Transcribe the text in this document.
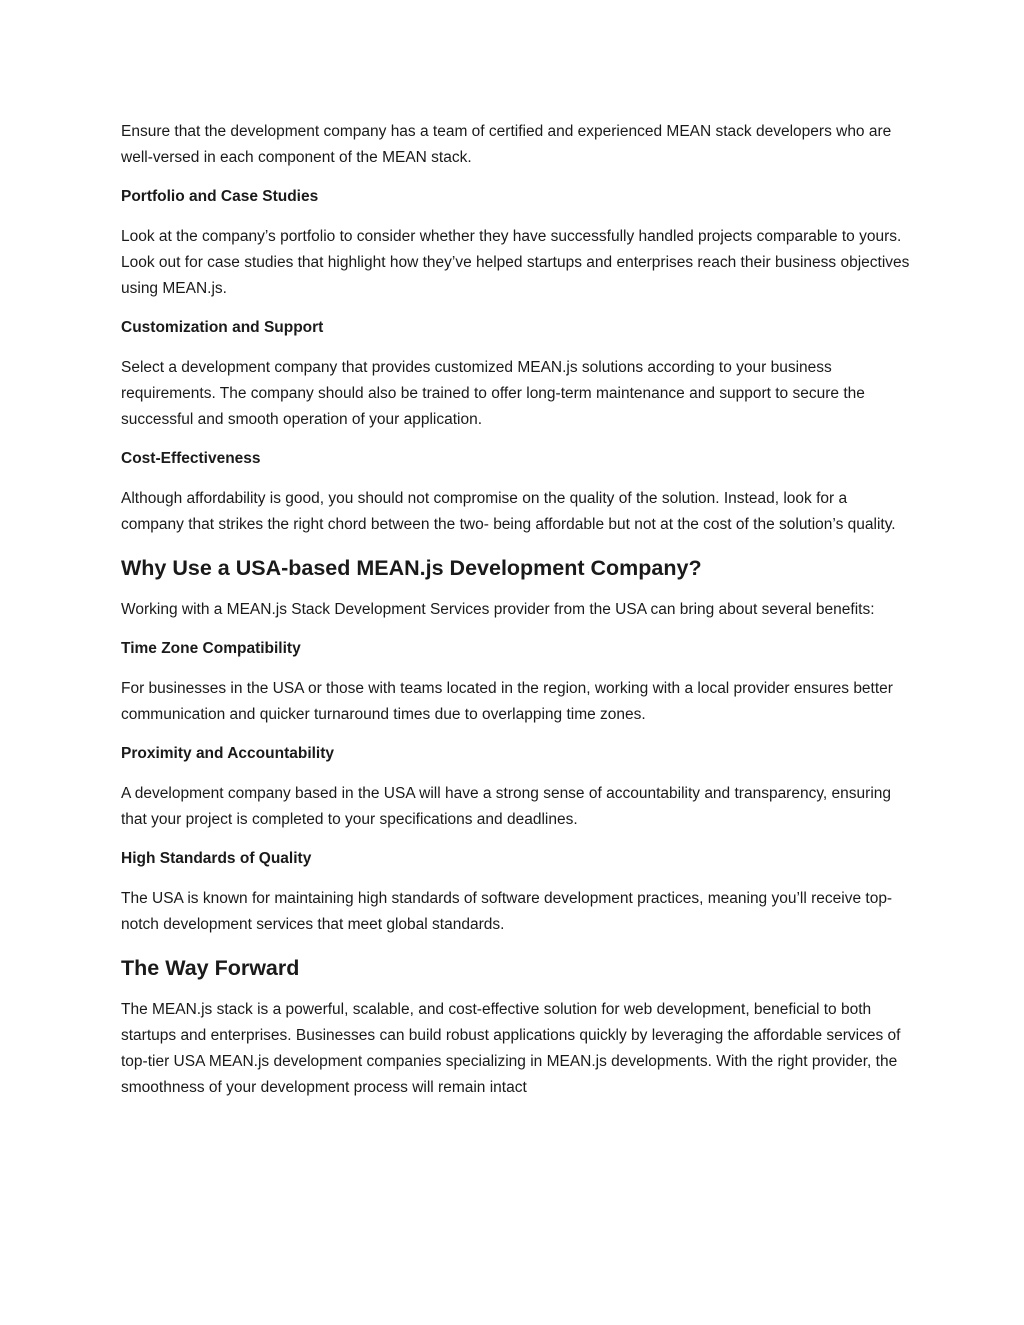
Ensure that the development company has a team of certified and experienced MEAN stack developers who are well-versed in each component of the MEAN stack.

Portfolio and Case Studies

Look at the company’s portfolio to consider whether they have successfully handled projects comparable to yours. Look out for case studies that highlight how they’ve helped startups and enterprises reach their business objectives using MEAN.js.

Customization and Support

Select a development company that provides customized MEAN.js solutions according to your business requirements. The company should also be trained to offer long-term maintenance and support to secure the successful and smooth operation of your application.

Cost-Effectiveness

Although affordability is good, you should not compromise on the quality of the solution. Instead, look for a company that strikes the right chord between the two- being affordable but not at the cost of the solution’s quality.

Why Use a USA-based MEAN.js Development Company?

Working with a MEAN.js Stack Development Services provider from the USA can bring about several benefits:

Time Zone Compatibility

For businesses in the USA or those with teams located in the region, working with a local provider ensures better communication and quicker turnaround times due to overlapping time zones.

Proximity and Accountability

A development company based in the USA will have a strong sense of accountability and transparency, ensuring that your project is completed to your specifications and deadlines.

High Standards of Quality

The USA is known for maintaining high standards of software development practices, meaning you’ll receive top-notch development services that meet global standards.

The Way Forward

The MEAN.js stack is a powerful, scalable, and cost-effective solution for web development, beneficial to both startups and enterprises. Businesses can build robust applications quickly by leveraging the affordable services of top-tier USA MEAN.js development companies specializing in MEAN.js developments. With the right provider, the smoothness of your development process will remain intact
